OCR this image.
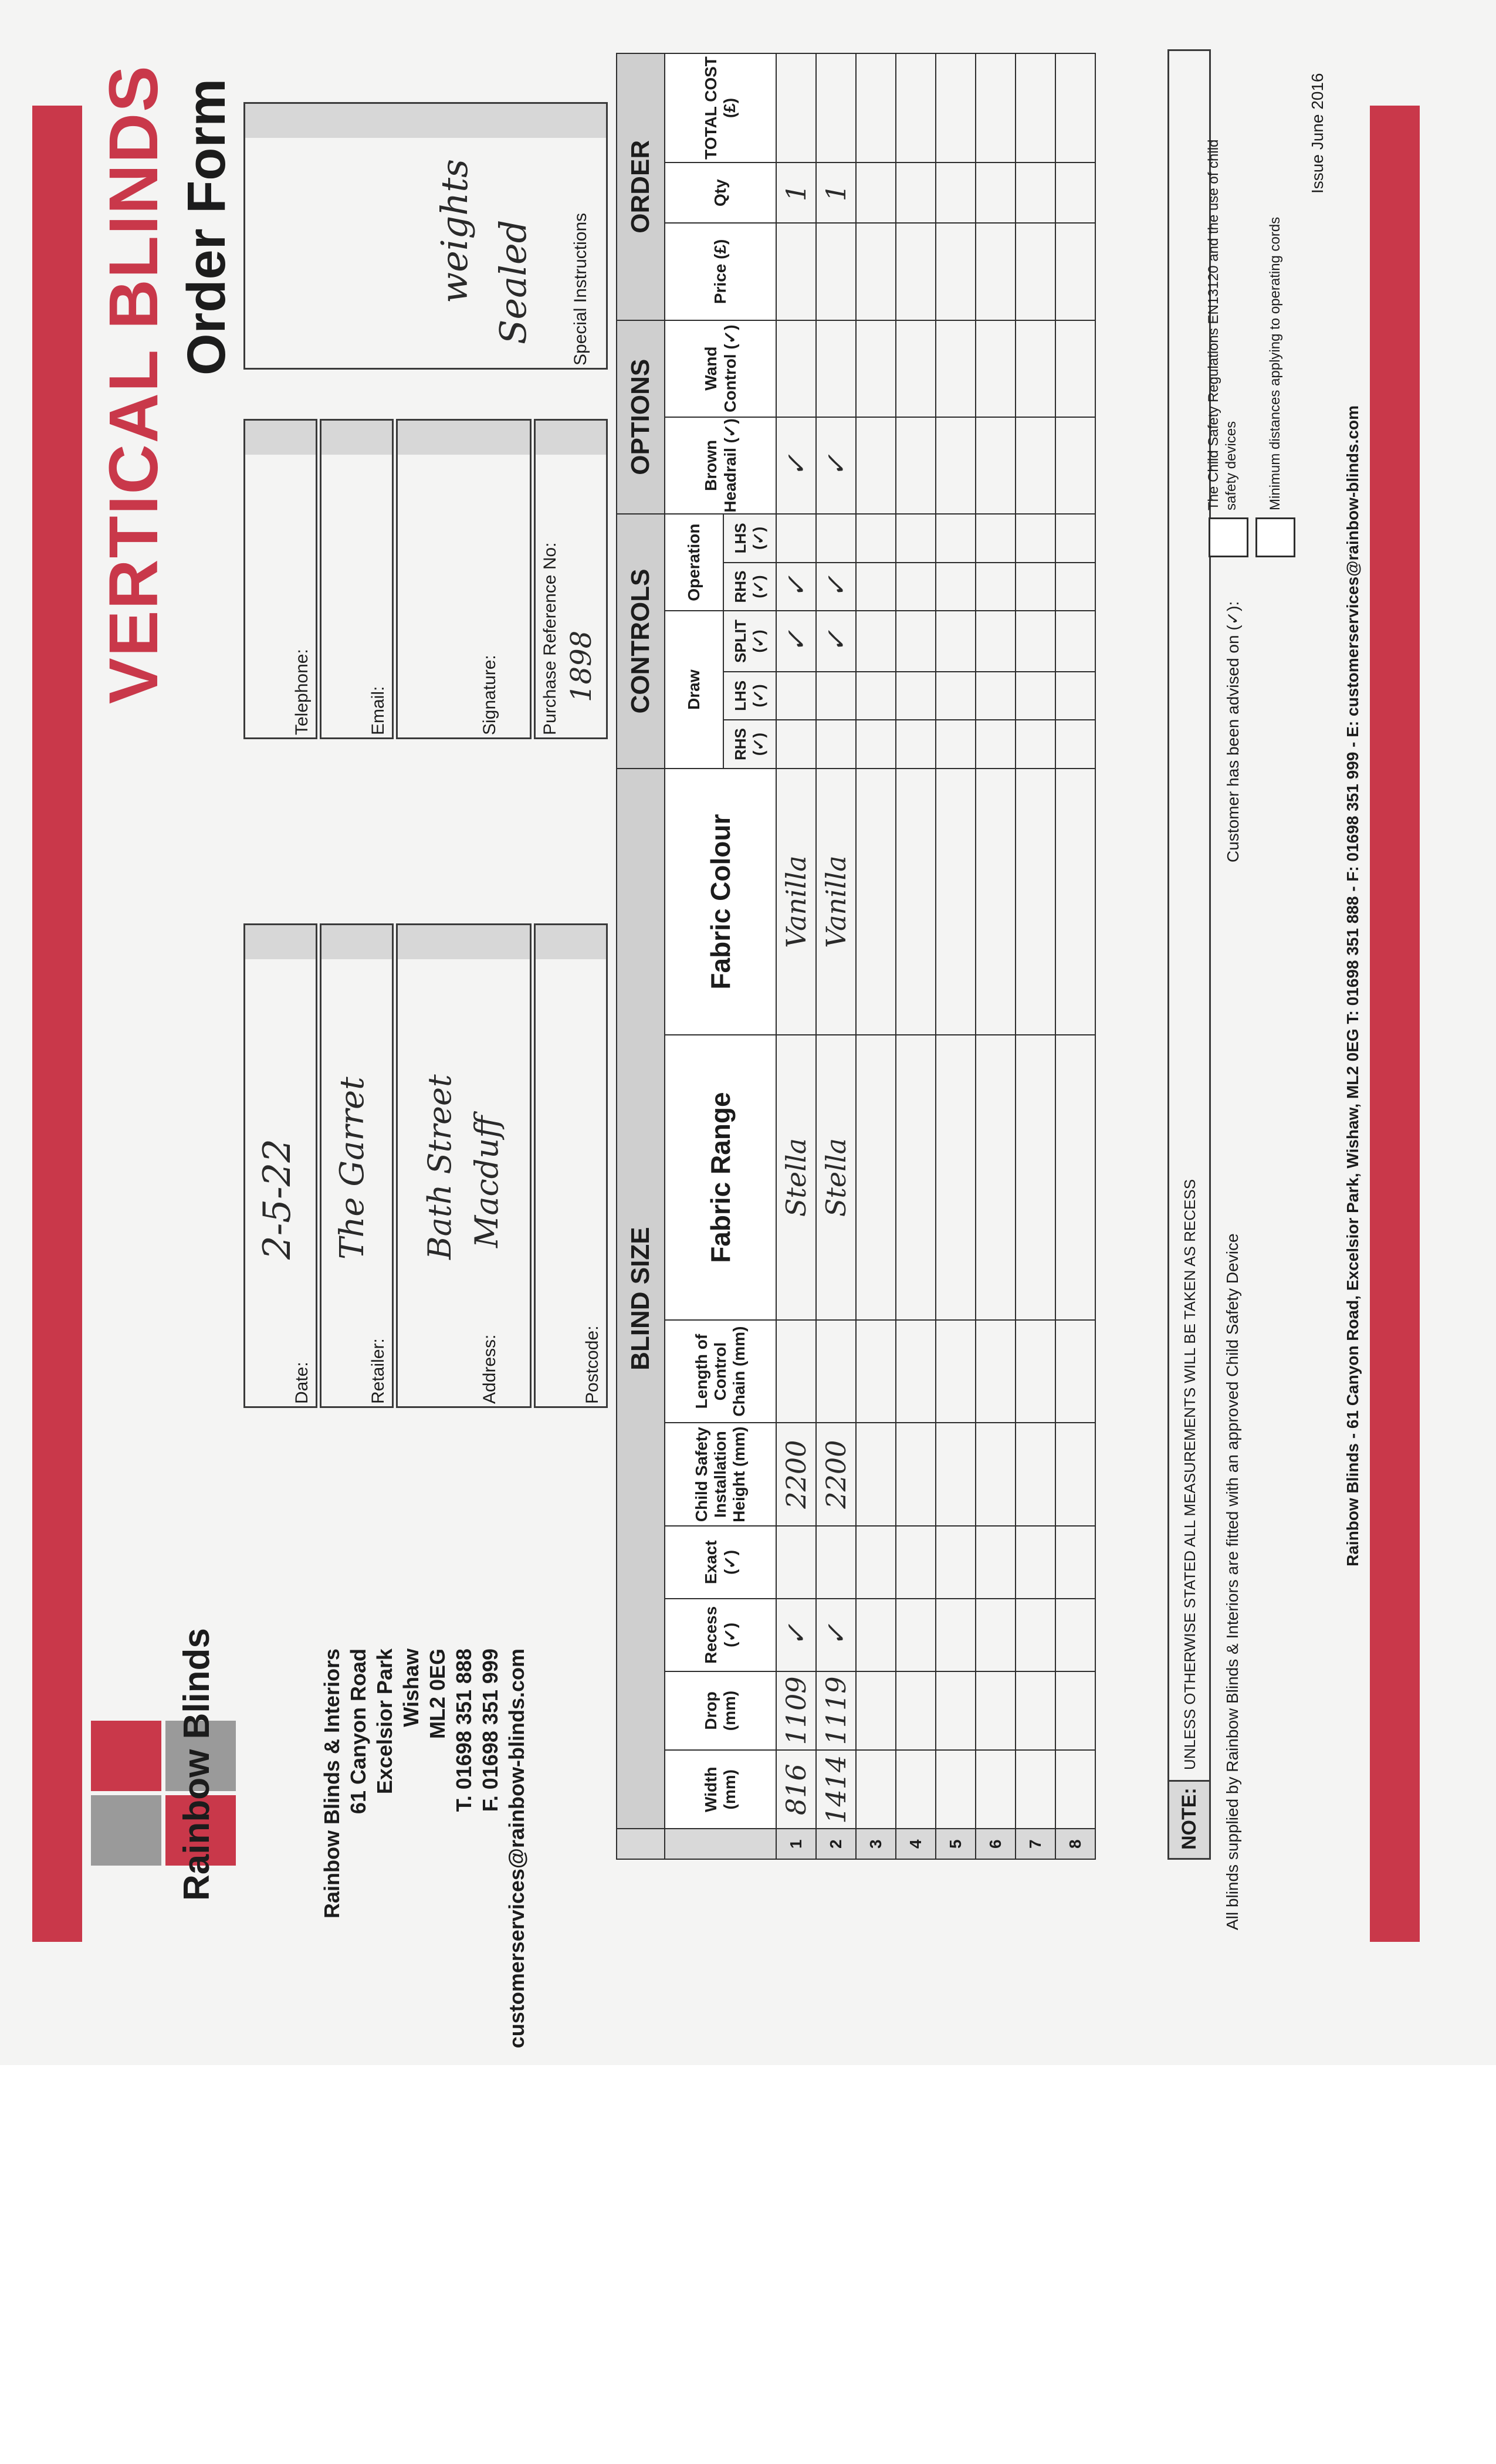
Rainbow Blinds
VERTICAL BLINDS Order Form
Rainbow Blinds & Interiors 61 Canyon Road Excelsior Park Wishaw ML2 0EG T. 01698 351 888 F. 01698 351 999 customerservices@rainbow-blinds.com
Date:
2-5-22
Retailer:
The Garret
Address:
Bath Street Macduff
Postcode:
Telephone:	Email:	Signature: Purchase Reference No: 1898
Special Instructions
Sealed
weights
	BLIND SIZE								CONTROLS					OPTIONS		ORDER		
	Width (mm)	Drop (mm)	Recess (✓)	Exact (✓)	Child Safety Installation Height (mm)	Length of Control Chain (mm)	Fabric Range	Fabric Colour	Draw			Operation		Brown Headrail (✓)	Wand Control (✓)	Price (£)	Qty	TOTAL COST (£)
									RHS (✓)	LHS (✓)	SPLIT (✓)	RHS (✓)	LHS (✓)					
1	816	1109	✓		2200		Stella	Vanilla			✓	✓		✓			1	
2	1414	1119	✓		2200		Stella	Vanilla			✓	✓		✓			1	
3																		
4																		
5																		
6																		
7																		
8																			NOTE:
UNLESS OTHERWISE STATED ALL MEASUREMENTS WILL BE TAKEN AS RECESS All blinds supplied by Rainbow Blinds & Interiors are fitted with an approved Child Safety Device
Customer has been advised on (✓):
The Child Safety Regulations EN13120 and the use of child safety devices Minimum distances applying to operating cords
Issue June 2016
Rainbow Blinds - 61 Canyon Road, Excelsior Park, Wishaw, ML2 0EG T: 01698 351 888 - F: 01698 351 999 - E: customerservices@rainbow-blinds.com
